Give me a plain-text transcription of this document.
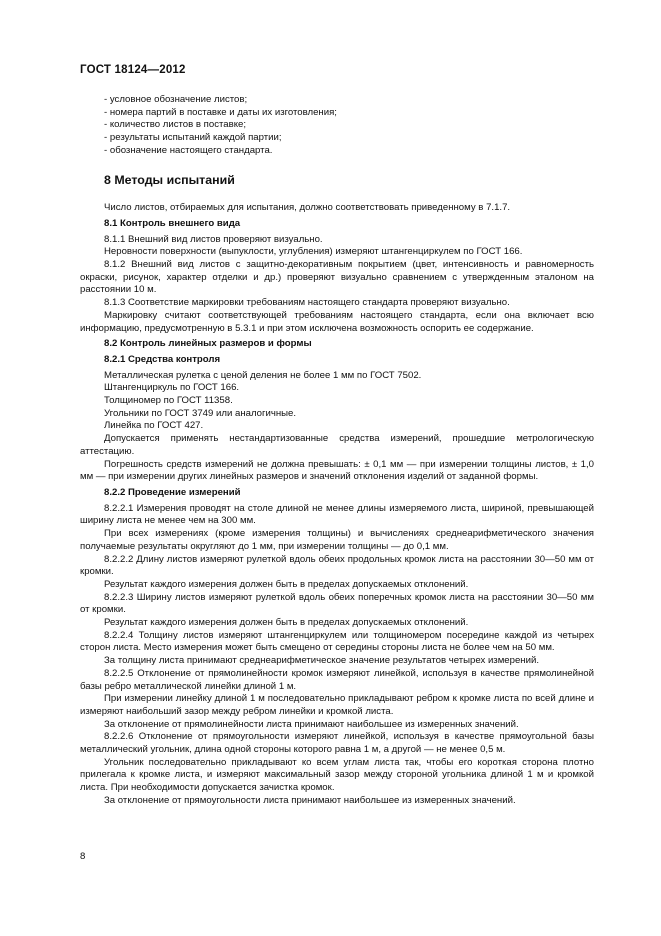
ГОСТ 18124—2012

- условное обозначение листов;

- номера партий в поставке и даты их изготовления;

- количество листов в поставке;

- результаты испытаний каждой партии;

- обозначение настоящего стандарта.

8 Методы испытаний

Число листов, отбираемых для испытания, должно соответствовать приведенному в 7.1.7.

8.1 Контроль внешнего вида

8.1.1 Внешний вид листов проверяют визуально.

Неровности поверхности (выпуклости, углубления) измеряют штангенциркулем по ГОСТ 166.

8.1.2 Внешний вид листов с защитно-декоративным покрытием (цвет, интенсивность и равномерность окраски, рисунок, характер отделки и др.) проверяют визуально сравнением с утвержденным эталоном на расстоянии 10 м.

8.1.3 Соответствие маркировки требованиям настоящего стандарта проверяют визуально.

Маркировку считают соответствующей требованиям настоящего стандарта, если она включает всю информацию, предусмотренную в 5.3.1 и при этом исключена возможность оспорить ее содержание.

8.2 Контроль линейных размеров и формы

8.2.1 Средства контроля

Металлическая рулетка с ценой деления не более 1 мм по ГОСТ 7502.

Штангенциркуль по ГОСТ 166.

Толщиномер по ГОСТ 11358.

Угольники по ГОСТ 3749 или аналогичные.

Линейка по ГОСТ 427.

Допускается применять нестандартизованные средства измерений, прошедшие метрологическую аттестацию.

Погрешность средств измерений не должна превышать: ± 0,1 мм — при измерении толщины листов, ± 1,0 мм — при измерении других линейных размеров и значений отклонения изделий от заданной формы.

8.2.2 Проведение измерений

8.2.2.1 Измерения проводят на столе длиной не менее длины измеряемого листа, шириной, превышающей ширину листа не менее чем на 300 мм.

При всех измерениях (кроме измерения толщины) и вычислениях среднеарифметического значения получаемые результаты округляют до 1 мм, при измерении толщины — до 0,1 мм.

8.2.2.2 Длину листов измеряют рулеткой вдоль обеих продольных кромок листа на расстоянии 30—50 мм от кромки.

Результат каждого измерения должен быть в пределах допускаемых отклонений.

8.2.2.3 Ширину листов измеряют рулеткой вдоль обеих поперечных кромок листа на расстоянии 30—50 мм от кромки.

Результат каждого измерения должен быть в пределах допускаемых отклонений.

8.2.2.4 Толщину листов измеряют штангенциркулем или толщиномером посередине каждой из четырех сторон листа. Место измерения может быть смещено от середины стороны листа не более чем на 50 мм.

За толщину листа принимают среднеарифметическое значение результатов четырех измерений.

8.2.2.5 Отклонение от прямолинейности кромок измеряют линейкой, используя в качестве прямолинейной базы ребро металлической линейки длиной 1 м.

При измерении линейку длиной 1 м последовательно прикладывают ребром к кромке листа по всей длине и измеряют наибольший зазор между ребром линейки и кромкой листа.

За отклонение от прямолинейности листа принимают наибольшее из измеренных значений.

8.2.2.6 Отклонение от прямоугольности измеряют линейкой, используя в качестве прямоугольной базы металлический угольник, длина одной стороны которого равна 1 м, а другой — не менее 0,5 м.

Угольник последовательно прикладывают ко всем углам листа так, чтобы его короткая сторона плотно прилегала к кромке листа, и измеряют максимальный зазор между стороной угольника длиной 1 м и кромкой листа. При необходимости допускается зачистка кромок.

За отклонение от прямоугольности листа принимают наибольшее из измеренных значений.

8
